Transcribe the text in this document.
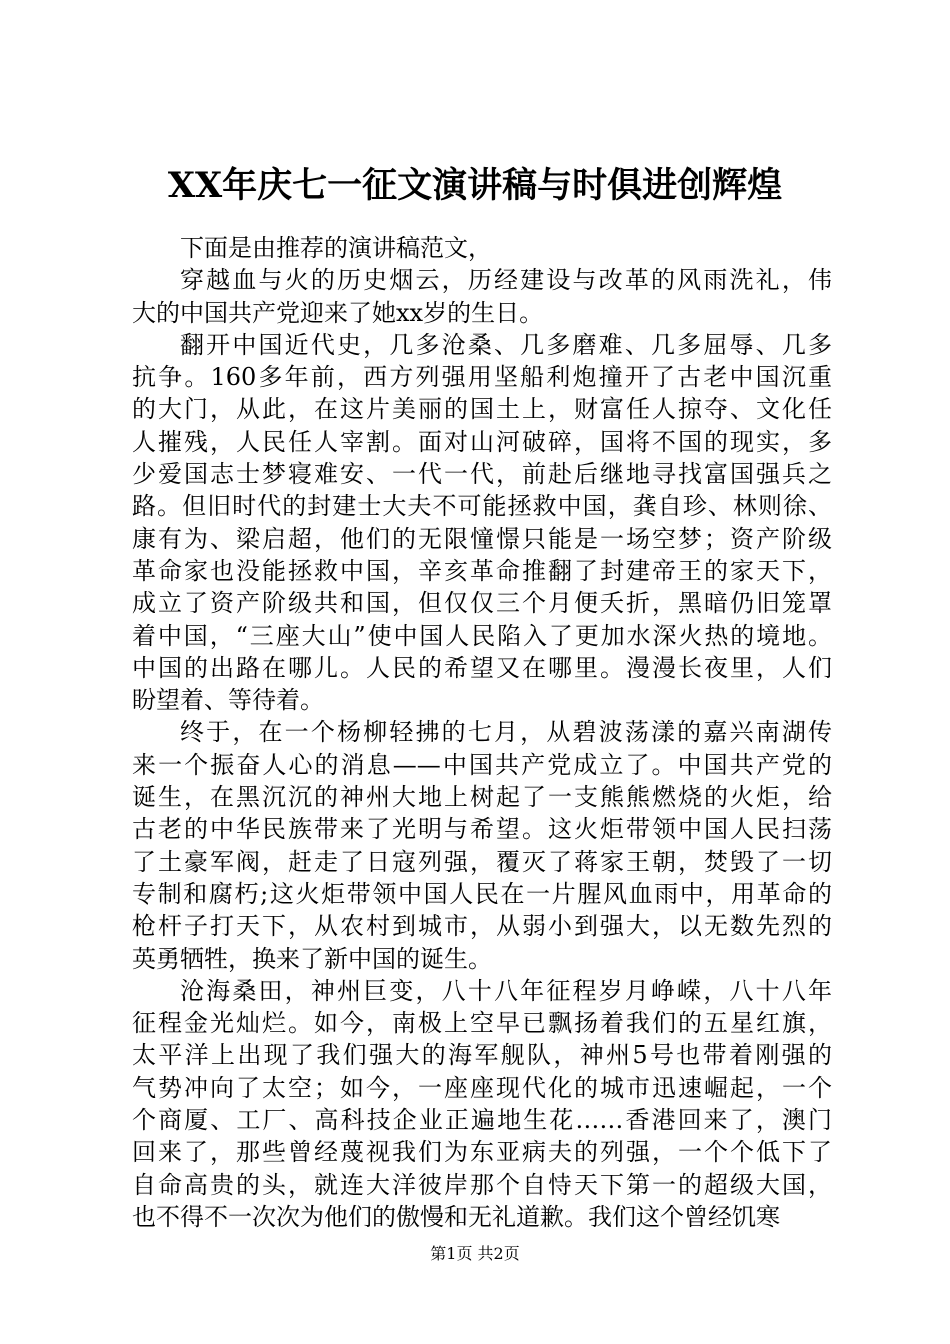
XX年庆七一征文演讲稿与时俱进创辉煌
下面是由推荐的演讲稿范文，
穿越血与火的历史烟云，历经建设与改革的风雨洗礼，伟
大的中国共产党迎来了她xx岁的生日。
翻开中国近代史，几多沧桑、几多磨难、几多屈辱、几多
抗争。160多年前，西方列强用坚船利炮撞开了古老中国沉重
的大门，从此，在这片美丽的国土上，财富任人掠夺、文化任
人摧残，人民任人宰割。面对山河破碎，国将不国的现实，多
少爱国志士梦寝难安、一代一代，前赴后继地寻找富国强兵之
路。但旧时代的封建士大夫不可能拯救中国，龚自珍、林则徐、
康有为、梁启超，他们的无限憧憬只能是一场空梦；资产阶级
革命家也没能拯救中国，辛亥革命推翻了封建帝王的家天下，
成立了资产阶级共和国，但仅仅三个月便夭折，黑暗仍旧笼罩
着中国，“三座大山”使中国人民陷入了更加水深火热的境地。
中国的出路在哪儿。人民的希望又在哪里。漫漫长夜里，人们
盼望着、等待着。
终于，在一个杨柳轻拂的七月，从碧波荡漾的嘉兴南湖传
来一个振奋人心的消息——中国共产党成立了。中国共产党的
诞生，在黑沉沉的神州大地上树起了一支熊熊燃烧的火炬，给
古老的中华民族带来了光明与希望。这火炬带领中国人民扫荡
了土豪军阀，赶走了日寇列强，覆灭了蒋家王朝，焚毁了一切
专制和腐朽;这火炬带领中国人民在一片腥风血雨中，用革命的
枪杆子打天下，从农村到城市，从弱小到强大，以无数先烈的
英勇牺牲，换来了新中国的诞生。
沧海桑田，神州巨变，八十八年征程岁月峥嵘，八十八年
征程金光灿烂。如今，南极上空早已飘扬着我们的五星红旗，
太平洋上出现了我们强大的海军舰队，神州5号也带着刚强的
气势冲向了太空；如今，一座座现代化的城市迅速崛起，一个
个商厦、工厂、高科技企业正遍地生花……香港回来了，澳门
回来了，那些曾经蔑视我们为东亚病夫的列强，一个个低下了
自命高贵的头，就连大洋彼岸那个自恃天下第一的超级大国，
也不得不一次次为他们的傲慢和无礼道歉。我们这个曾经饥寒
第1页 共2页
